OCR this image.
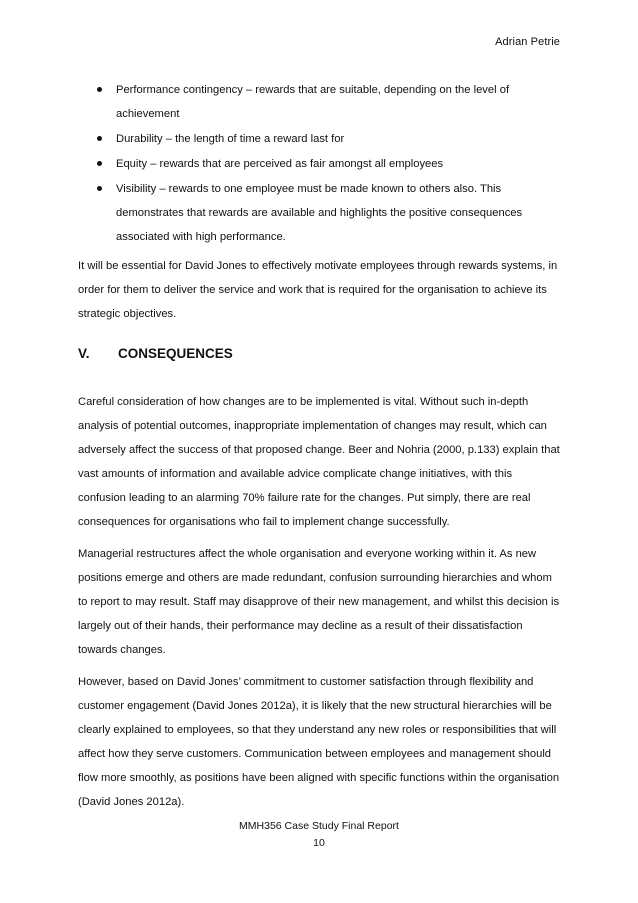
Adrian Petrie
Performance contingency – rewards that are suitable, depending on the level of achievement
Durability – the length of time a reward last for
Equity – rewards that are perceived as fair amongst all employees
Visibility – rewards to one employee must be made known to others also. This demonstrates that rewards are available and highlights the positive consequences associated with high performance.

It will be essential for David Jones to effectively motivate employees through rewards systems, in order for them to deliver the service and work that is required for the organisation to achieve its strategic objectives.

V. CONSEQUENCES

Careful consideration of how changes are to be implemented is vital. Without such in-depth analysis of potential outcomes, inappropriate implementation of changes may result, which can adversely affect the success of that proposed change. Beer and Nohria (2000, p.133) explain that vast amounts of information and available advice complicate change initiatives, with this confusion leading to an alarming 70% failure rate for the changes. Put simply, there are real consequences for organisations who fail to implement change successfully.

Managerial restructures affect the whole organisation and everyone working within it. As new positions emerge and others are made redundant, confusion surrounding hierarchies and whom to report to may result. Staff may disapprove of their new management, and whilst this decision is largely out of their hands, their performance may decline as a result of their dissatisfaction towards changes.

However, based on David Jones’ commitment to customer satisfaction through flexibility and customer engagement (David Jones 2012a), it is likely that the new structural hierarchies will be clearly explained to employees, so that they understand any new roles or responsibilities that will affect how they serve customers. Communication between employees and management should flow more smoothly, as positions have been aligned with specific functions within the organisation (David Jones 2012a).

MMH356 Case Study Final Report
10
